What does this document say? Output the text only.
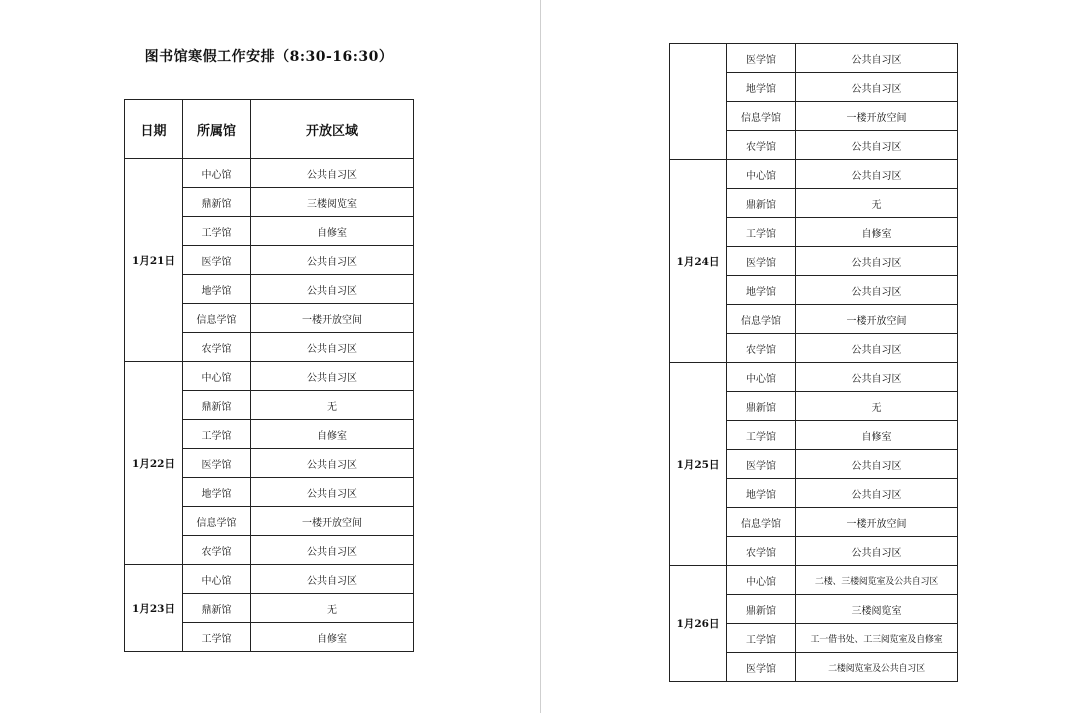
图书馆寒假工作安排（8:30-16:30）
日期	所属馆	开放区域
1月21日	中心馆	公共自习区
	鼎新馆	三楼阅览室
	工学馆	自修室
	医学馆	公共自习区
	地学馆	公共自习区
	信息学馆	一楼开放空间
	农学馆	公共自习区
1月22日	中心馆	公共自习区
	鼎新馆	无
	工学馆	自修室
	医学馆	公共自习区
	地学馆	公共自习区
	信息学馆	一楼开放空间
	农学馆	公共自习区
1月23日	中心馆	公共自习区
	鼎新馆	无
	工学馆	自修室
	医学馆	公共自习区
	地学馆	公共自习区
	信息学馆	一楼开放空间
	农学馆	公共自习区
1月24日	中心馆	公共自习区
	鼎新馆	无
	工学馆	自修室
	医学馆	公共自习区
	地学馆	公共自习区
	信息学馆	一楼开放空间
	农学馆	公共自习区
1月25日	中心馆	公共自习区
	鼎新馆	无
	工学馆	自修室
	医学馆	公共自习区
	地学馆	公共自习区
	信息学馆	一楼开放空间
	农学馆	公共自习区
1月26日	中心馆	二楼、三楼阅览室及公共自习区
	鼎新馆	三楼阅览室
	工学馆	工一借书处、工三阅览室及自修室
	医学馆	二楼阅览室及公共自习区
